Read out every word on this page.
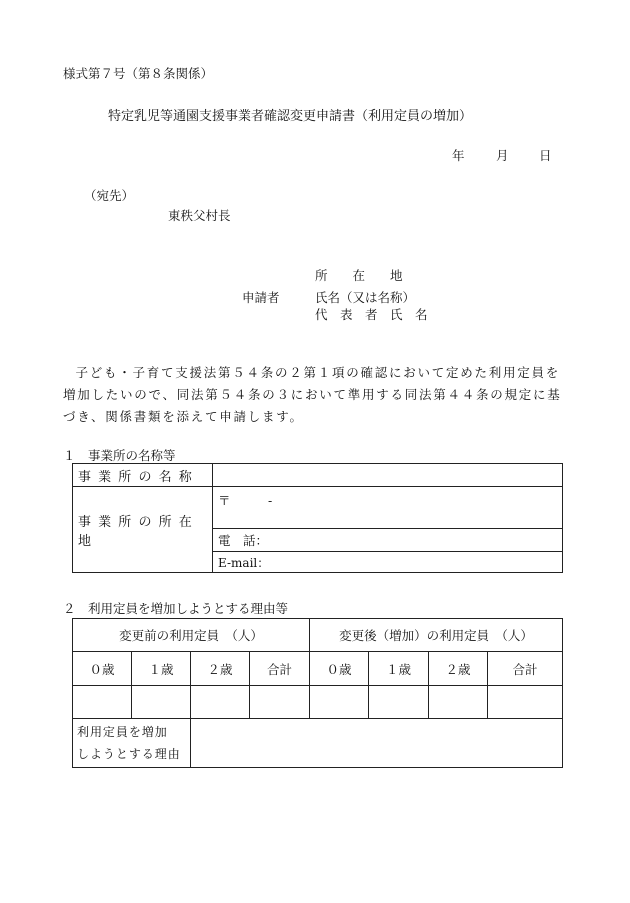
様式第７号（第８条関係）
特定乳児等通園支援事業者確認変更申請書（利用定員の増加）
年	月 日
（宛先）
東秩父村長
所　　在　　地
申請者	氏名（又は名称）
代　表　者　氏　名

子ども・子育て支援法第５４条の２第１項の確認において定めた利用定員を増加したいので、同法第５４条の３において準用する同法第４４条の規定に基づき、関係書類を添えて申請します。

１　事業所の名称等
事業所の名称	
事業所の所在地	〒　　　-
	電　話：
	E-mail：
２　利用定員を増加しようとする理由等
変更前の利用定員　（人）				変更後（増加）の利用定員　（人）			
０歳	１歳	２歳	合計	０歳	１歳	２歳	合計

利用定員を増加
しようとする理由							
